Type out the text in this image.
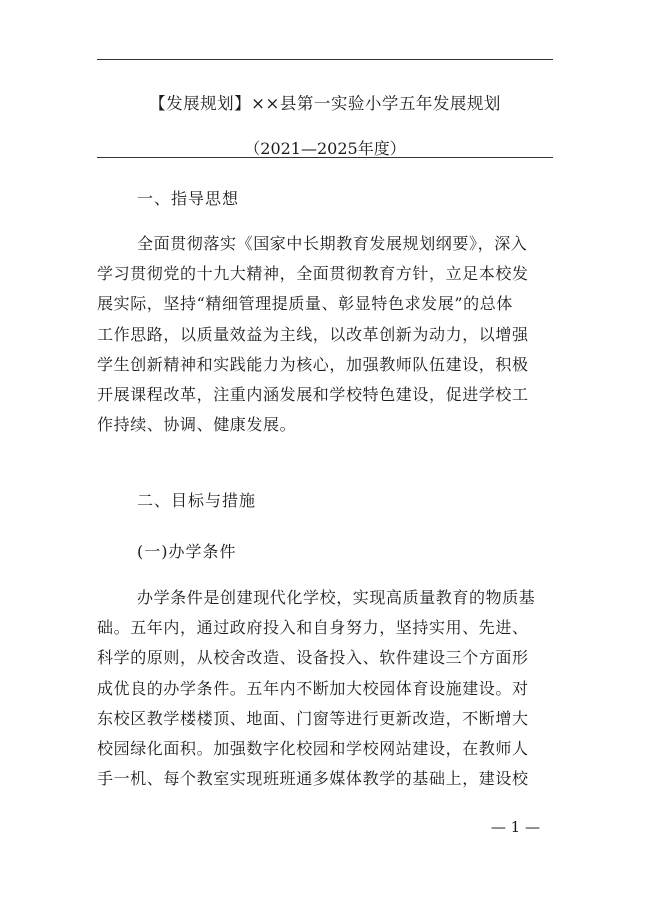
【发展规划】××县第一实验小学五年发展规划
（2021—2025年度）
一、指导思想
全面贯彻落实《国家中长期教育发展规划纲要》，深入
学习贯彻党的十九大精神，全面贯彻教育方针，立足本校发
展实际，坚持“精细管理提质量、彰显特色求发展”的总体
工作思路，以质量效益为主线，以改革创新为动力，以增强
学生创新精神和实践能力为核心，加强教师队伍建设，积极
开展课程改革，注重内涵发展和学校特色建设，促进学校工
作持续、协调、健康发展。
二、目标与措施
(一)办学条件
办学条件是创建现代化学校，实现高质量教育的物质基
础。五年内，通过政府投入和自身努力，坚持实用、先进、
科学的原则，从校舍改造、设备投入、软件建设三个方面形
成优良的办学条件。五年内不断加大校园体育设施建设。对
东校区教学楼楼顶、地面、门窗等进行更新改造，不断增大
校园绿化面积。加强数字化校园和学校网站建设，在教师人
手一机、每个教室实现班班通多媒体教学的基础上，建设校
— 1 —
